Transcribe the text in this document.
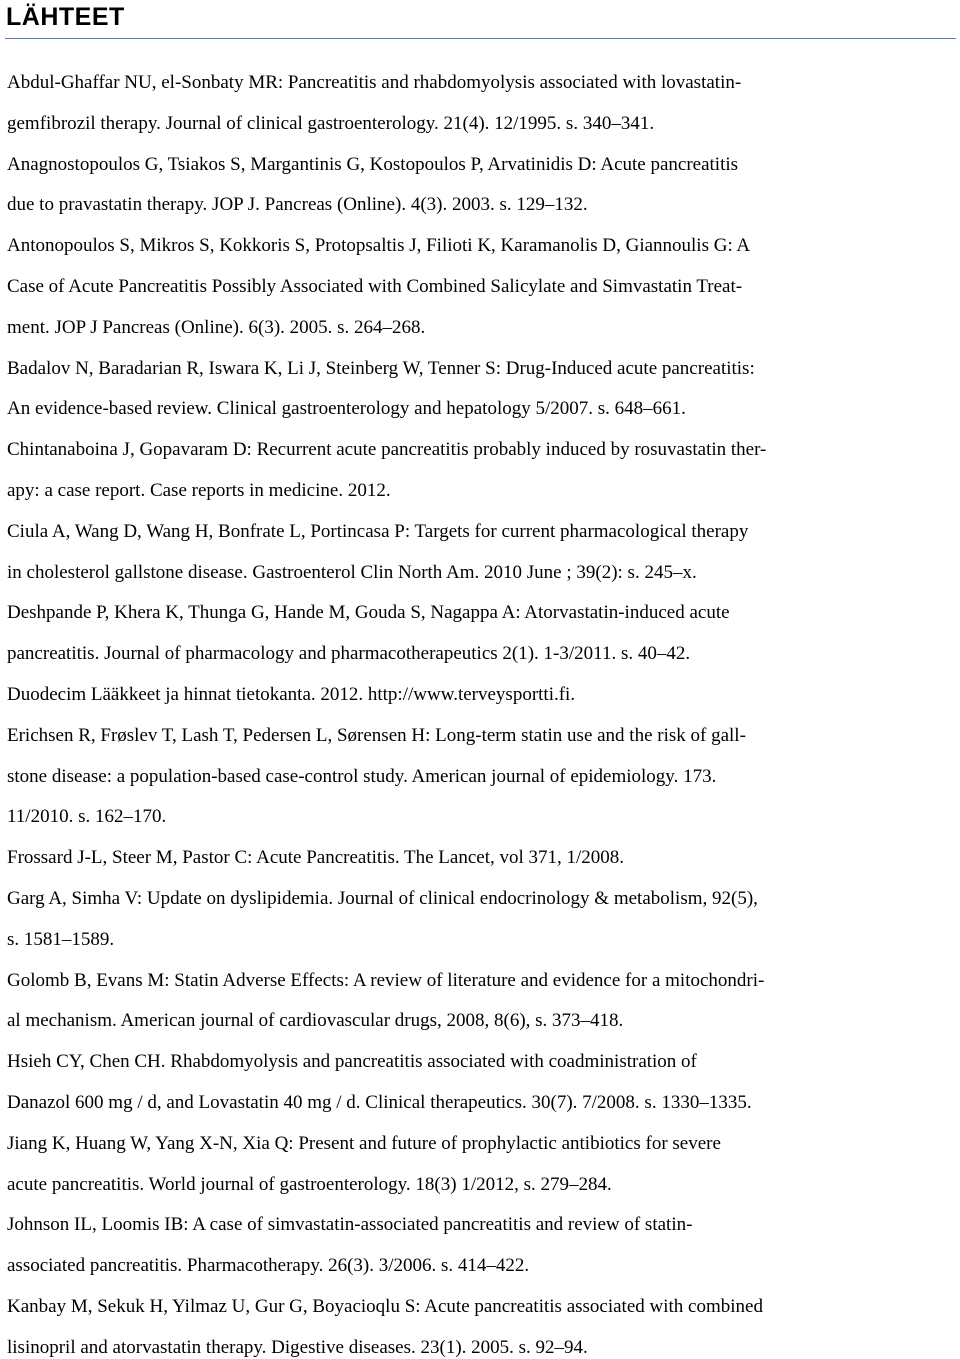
LÄHTEET
Abdul-Ghaffar NU, el-Sonbaty MR: Pancreatitis and rhabdomyolysis associated with lovastatin-
gemfibrozil therapy. Journal of clinical gastroenterology. 21(4). 12/1995. s. 340–341.
Anagnostopoulos G, Tsiakos S, Margantinis G, Kostopoulos P, Arvatinidis D: Acute pancreatitis
due to pravastatin therapy. JOP J. Pancreas (Online). 4(3). 2003. s. 129–132.
Antonopoulos S, Mikros S, Kokkoris S, Protopsaltis J, Filioti K, Karamanolis D, Giannoulis G: A
Case of Acute Pancreatitis Possibly Associated with Combined Salicylate and Simvastatin Treat-
ment. JOP J Pancreas (Online). 6(3). 2005. s. 264–268.
Badalov N, Baradarian R, Iswara K, Li J, Steinberg W, Tenner S: Drug-Induced acute pancreatitis:
An evidence-based review. Clinical gastroenterology and hepatology 5/2007. s. 648–661.
Chintanaboina J, Gopavaram D: Recurrent acute pancreatitis probably induced by rosuvastatin ther-
apy: a case report. Case reports in medicine. 2012.
Ciula A, Wang D, Wang H, Bonfrate L, Portincasa P: Targets for current pharmacological therapy
in cholesterol gallstone disease. Gastroenterol Clin North Am. 2010 June ; 39(2): s. 245–x.
Deshpande P, Khera K, Thunga G, Hande M, Gouda S, Nagappa A: Atorvastatin-induced acute
pancreatitis. Journal of pharmacology and pharmacotherapeutics 2(1). 1-3/2011. s. 40–42.
Duodecim Lääkkeet ja hinnat tietokanta. 2012. http://www.terveysportti.fi.
Erichsen R, Frøslev T, Lash T, Pedersen L, Sørensen H: Long-term statin use and the risk of gall-
stone disease: a population-based case-control study. American journal of epidemiology. 173.
11/2010. s. 162–170.
Frossard J-L, Steer M, Pastor C: Acute Pancreatitis. The Lancet, vol 371, 1/2008.
Garg A, Simha V: Update on dyslipidemia. Journal of clinical endocrinology & metabolism, 92(5),
s. 1581–1589.
Golomb B, Evans M: Statin Adverse Effects: A review of literature and evidence for a mitochondri-
al mechanism. American journal of cardiovascular drugs, 2008, 8(6), s. 373–418.
Hsieh CY, Chen CH. Rhabdomyolysis and pancreatitis associated with coadministration of
Danazol 600 mg / d, and Lovastatin 40 mg / d. Clinical therapeutics. 30(7). 7/2008. s. 1330–1335.
Jiang K, Huang W, Yang X-N, Xia Q: Present and future of prophylactic antibiotics for severe
acute pancreatitis. World journal of gastroenterology. 18(3) 1/2012, s. 279–284.
Johnson IL, Loomis IB: A case of simvastatin-associated pancreatitis and review of statin-
associated pancreatitis. Pharmacotherapy. 26(3). 3/2006. s. 414–422.
Kanbay M, Sekuk H, Yilmaz U, Gur G, Boyacioqlu S: Acute pancreatitis associated with combined
lisinopril and atorvastatin therapy. Digestive diseases. 23(1). 2005. s. 92–94.
